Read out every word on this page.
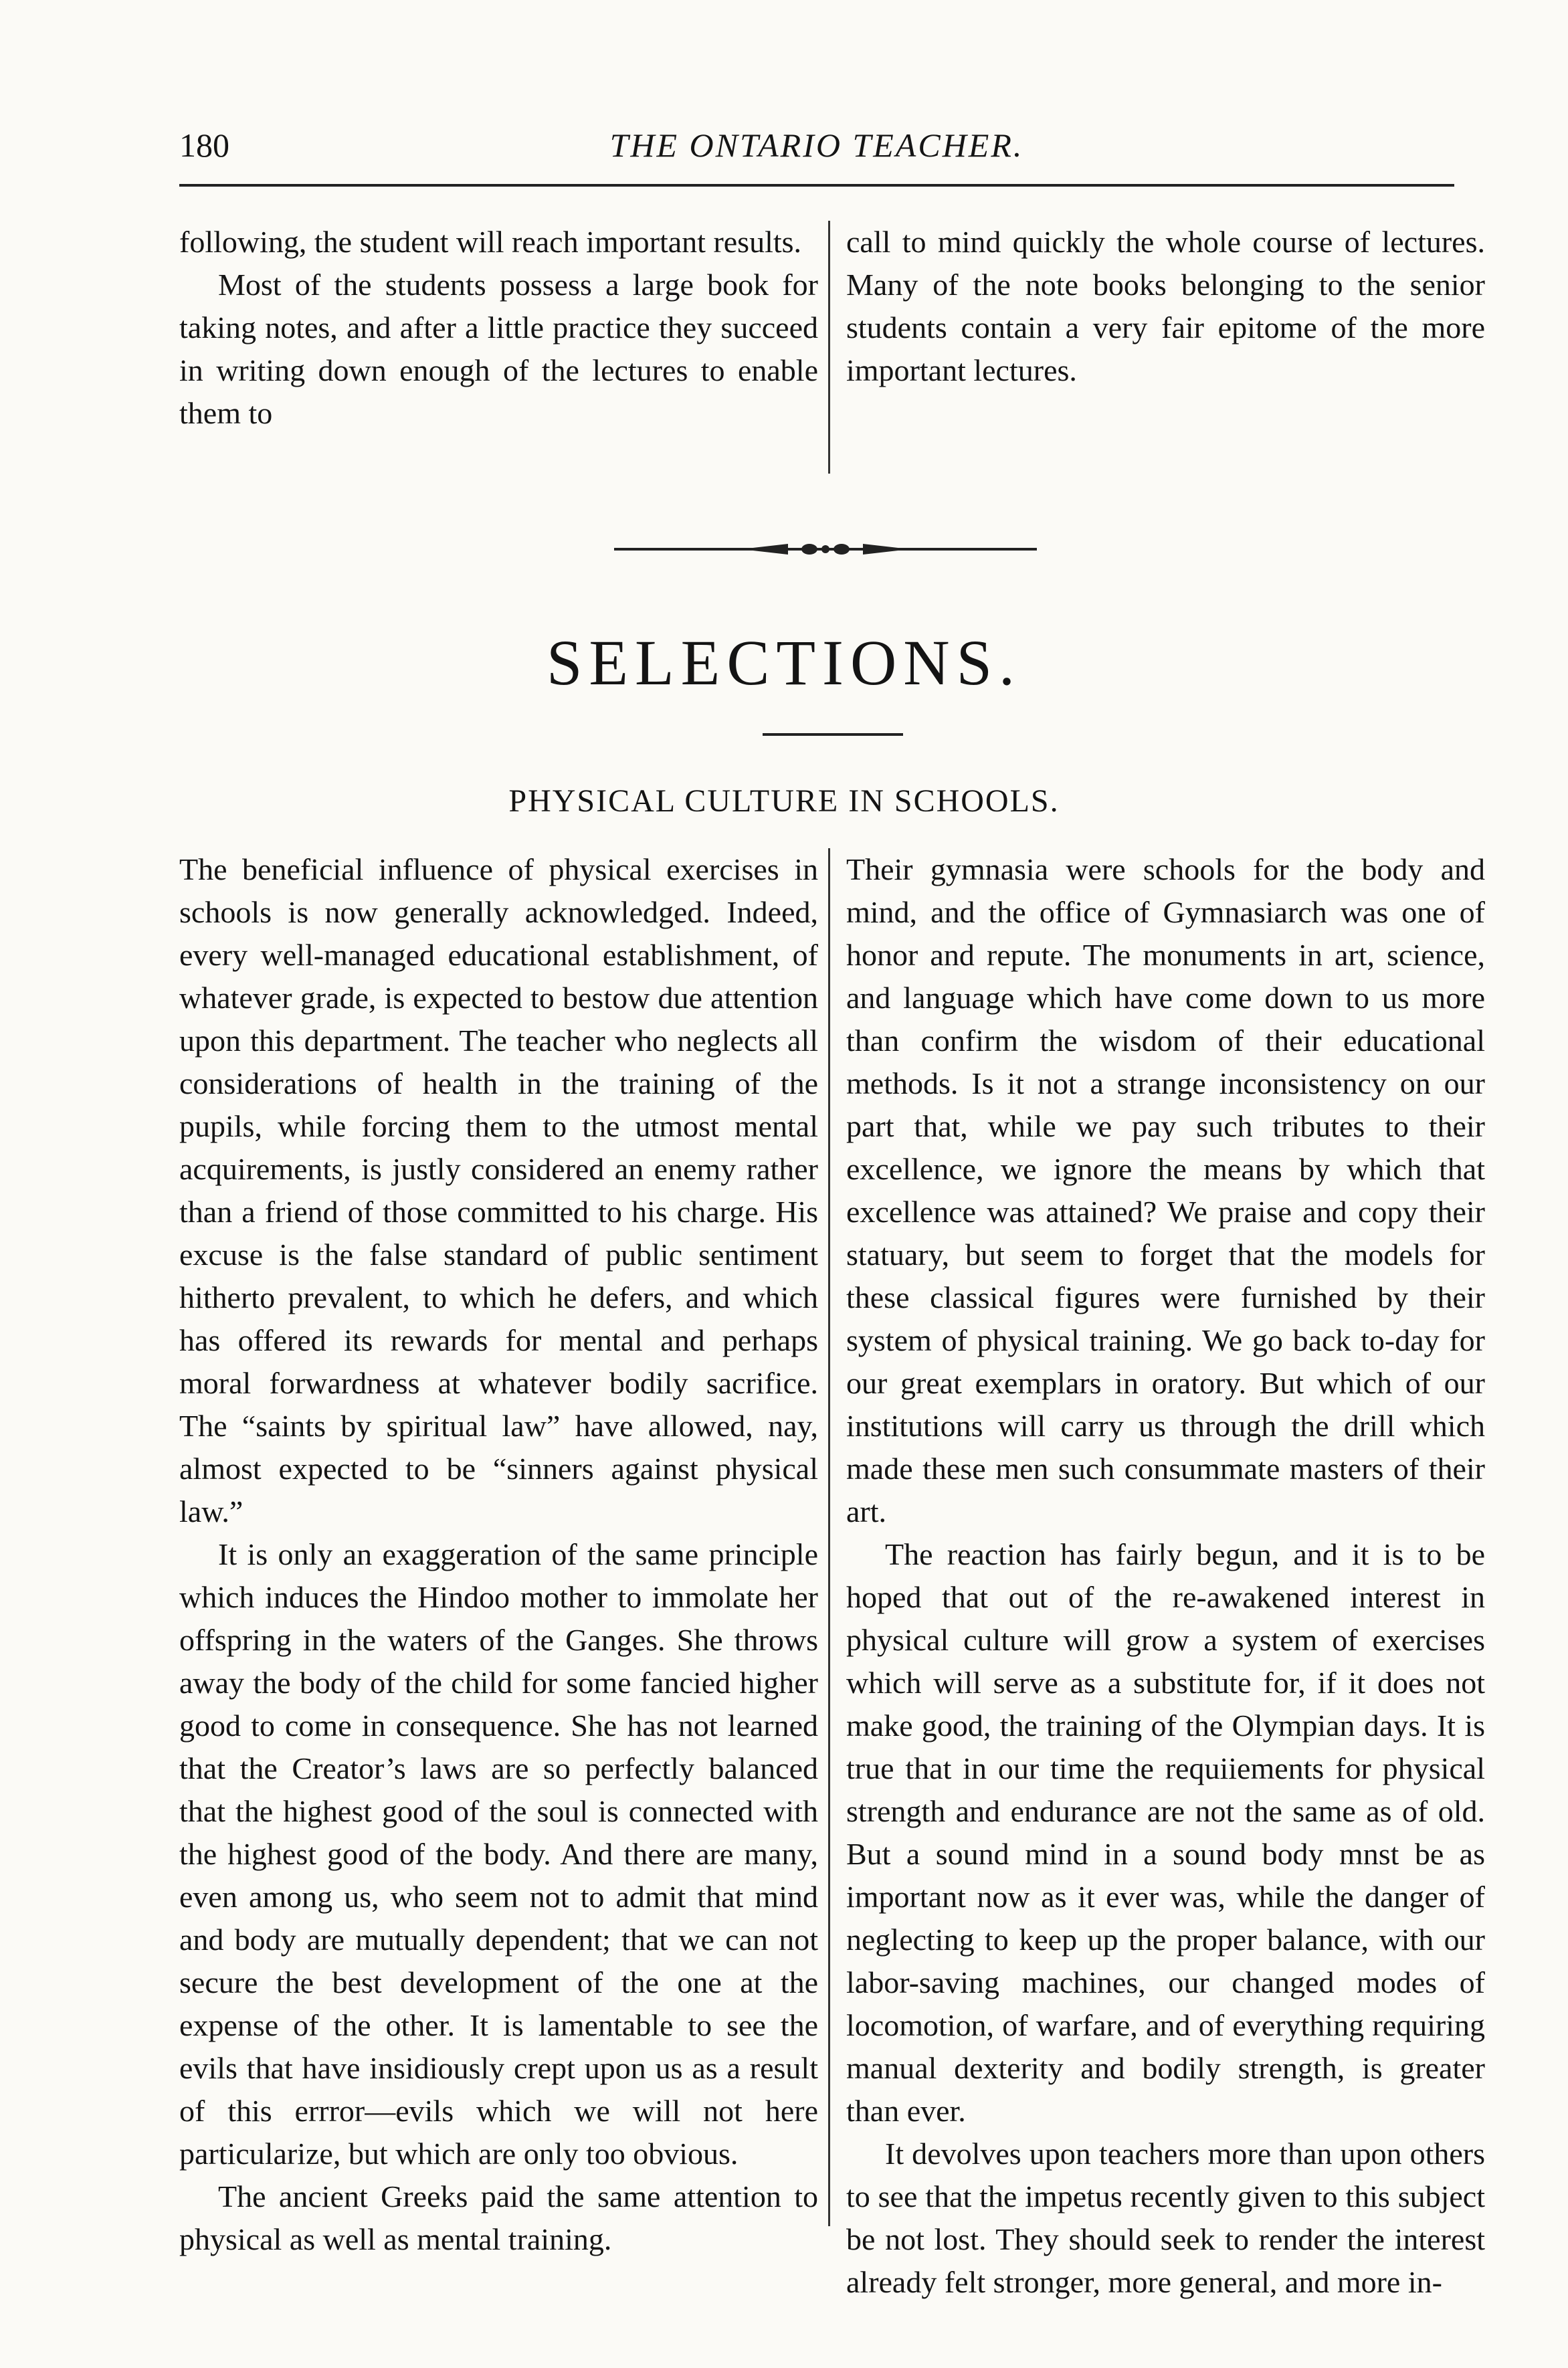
180	THE ONTARIO TEACHER.

following, the student will reach important results.

Most of the students possess a large book for taking notes, and after a little practice they succeed in writing down enough of the lectures to enable them to

call to mind quickly the whole course of lectures. Many of the note books belonging to the senior students contain a very fair epitome of the more important lectures.

SELECTIONS.
PHYSICAL CULTURE IN SCHOOLS.

The beneficial influence of physical exercises in schools is now generally acknowledged. Indeed, every well-managed educational establishment, of whatever grade, is expected to bestow due attention upon this department. The teacher who neglects all considerations of health in the training of the pupils, while forcing them to the utmost mental acquirements, is justly considered an enemy rather than a friend of those committed to his charge. His excuse is the false standard of public sentiment hitherto prevalent, to which he defers, and which has offered its rewards for mental and perhaps moral forwardness at whatever bodily sacrifice. The “saints by spiritual law” have allowed, nay, almost expected to be “sinners against physical law.”

It is only an exaggeration of the same principle which induces the Hindoo mother to immolate her offspring in the waters of the Ganges. She throws away the body of the child for some fancied higher good to come in consequence. She has not learned that the Creator’s laws are so perfectly balanced that the highest good of the soul is connected with the highest good of the body. And there are many, even among us, who seem not to admit that mind and body are mutually dependent; that we can not secure the best development of the one at the expense of the other. It is lamentable to see the evils that have insidiously crept upon us as a result of this errror—evils which we will not here particularize, but which are only too obvious.

The ancient Greeks paid the same attention to physical as well as mental training.

Their gymnasia were schools for the body and mind, and the office of Gymnasiarch was one of honor and repute. The monuments in art, science, and language which have come down to us more than confirm the wisdom of their educational methods. Is it not a strange inconsistency on our part that, while we pay such tributes to their excellence, we ignore the means by which that excellence was attained? We praise and copy their statuary, but seem to forget that the models for these classical figures were furnished by their system of physical training. We go back to-day for our great exemplars in oratory. But which of our institutions will carry us through the drill which made these men such consummate masters of their art.

The reaction has fairly begun, and it is to be hoped that out of the re-awakened interest in physical culture will grow a system of exercises which will serve as a substitute for, if it does not make good, the training of the Olympian days. It is true that in our time the requiiements for physical strength and endurance are not the same as of old. But a sound mind in a sound body mnst be as important now as it ever was, while the danger of neglecting to keep up the proper balance, with our labor-saving machines, our changed modes of locomotion, of warfare, and of everything requiring manual dexterity and bodily strength, is greater than ever.

It devolves upon teachers more than upon others to see that the impetus recently given to this subject be not lost. They should seek to render the interest already felt stronger, more general, and more in-
